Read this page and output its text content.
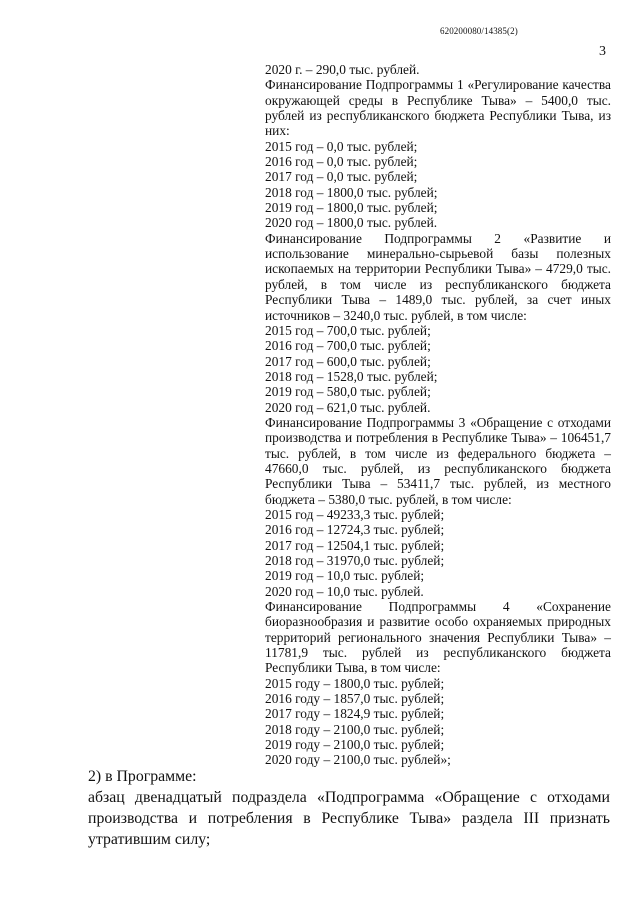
620200080/14385(2)
3
2020 г. – 290,0 тыс. рублей.
Финансирование Подпрограммы 1 «Регулирование качества окружающей среды в Республике Тыва» – 5400,0 тыс. рублей из республиканского бюджета Республики Тыва, из них:
2015 год – 0,0 тыс. рублей;
2016 год – 0,0 тыс. рублей;
2017 год – 0,0 тыс. рублей;
2018 год – 1800,0 тыс. рублей;
2019 год – 1800,0 тыс. рублей;
2020 год – 1800,0 тыс. рублей.
Финансирование Подпрограммы 2 «Развитие и использование минерально-сырьевой базы полезных ископаемых на территории Республики Тыва» – 4729,0 тыс. рублей, в том числе из республиканского бюджета Республики Тыва – 1489,0 тыс. рублей, за счет иных источников – 3240,0 тыс. рублей, в том числе:
2015 год – 700,0 тыс. рублей;
2016 год – 700,0 тыс. рублей;
2017 год – 600,0 тыс. рублей;
2018 год – 1528,0 тыс. рублей;
2019 год – 580,0 тыс. рублей;
2020 год – 621,0 тыс. рублей.
Финансирование Подпрограммы 3 «Обращение с отходами производства и потребления в Республике Тыва» – 106451,7 тыс. рублей, в том числе из федерального бюджета – 47660,0 тыс. рублей, из республиканского бюджета Республики Тыва – 53411,7 тыс. рублей, из местного бюджета – 5380,0 тыс. рублей, в том числе:
2015 год – 49233,3 тыс. рублей;
2016 год – 12724,3 тыс. рублей;
2017 год – 12504,1 тыс. рублей;
2018 год – 31970,0 тыс. рублей;
2019 год – 10,0 тыс. рублей;
2020 год – 10,0 тыс. рублей.
Финансирование Подпрограммы 4 «Сохранение биоразнообразия и развитие особо охраняемых природных территорий регионального значения Республики Тыва» – 11781,9 тыс. рублей из республиканского бюджета Республики Тыва, в том числе:
2015 году – 1800,0 тыс. рублей;
2016 году – 1857,0 тыс. рублей;
2017 году – 1824,9 тыс. рублей;
2018 году – 2100,0 тыс. рублей;
2019 году – 2100,0 тыс. рублей;
2020 году – 2100,0 тыс. рублей»;
2) в Программе:
абзац двенадцатый подраздела «Подпрограмма «Обращение с отходами производства и потребления в Республике Тыва» раздела III признать утратившим силу;
